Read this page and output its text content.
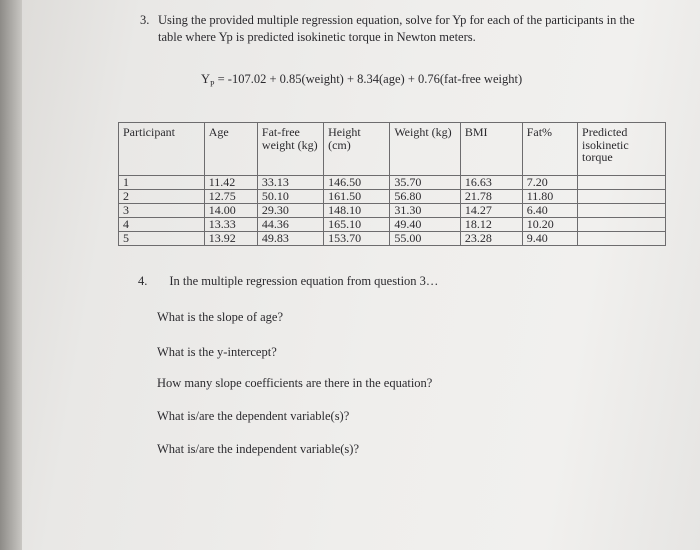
3. Using the provided multiple regression equation, solve for Yp for each of the participants in the table where Yp is predicted isokinetic torque in Newton meters.
$Y_P = -107.02$ + 0.85(weight) + 8.34(age) + 0.76(fat-free weight)
Participant	Age	Fat-free weight (kg)	Height (cm)	Weight (kg)	BMI	Fat%	Predicted isokinetic torque
1	11.42	33.13	146.50	35.70	16.63	7.20	
2	12.75	50.10	161.50	56.80	21.78	11.80	
3	14.00	29.30	148.10	31.30	14.27	6.40	
4	13.33	44.36	165.10	49.40	18.12	10.20	
5	13.92	49.83	153.70	55.00	23.28	9.40	
4. In the multiple regression equation from question 3…
What is the slope of age?
What is the y-intercept?
How many slope coefficients are there in the equation?
What is/are the dependent variable(s)?
What is/are the independent variable(s)?
